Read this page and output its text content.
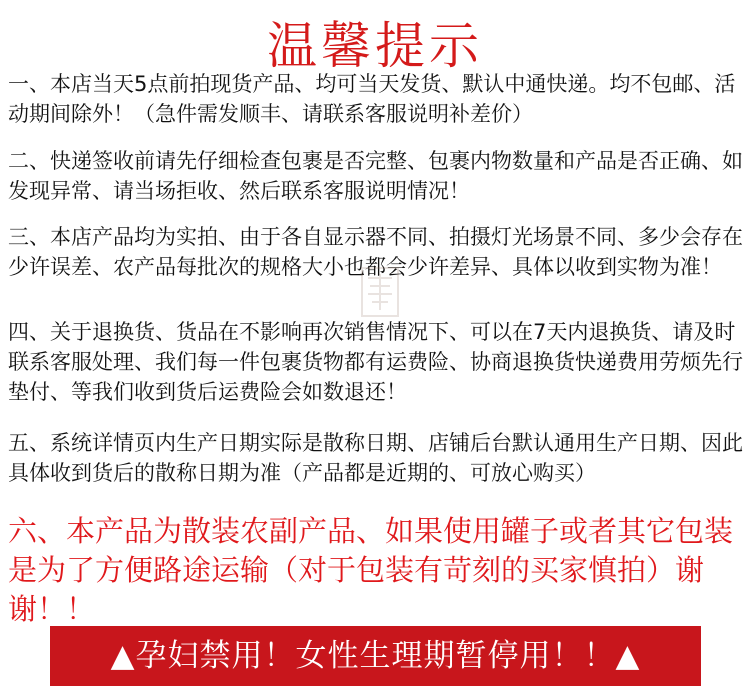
温馨提示

一、本店当天5点前拍现货产品、均可当天发货、默认中通快递。均不包邮、活动期间除外！（急件需发顺丰、请联系客服说明补差价）

二、快递签收前请先仔细检查包裹是否完整、包裹内物数量和产品是否正确、如发现异常、请当场拒收、然后联系客服说明情况！

三、本店产品均为实拍、由于各自显示器不同、拍摄灯光场景不同、多少会存在少许误差、农产品每批次的规格大小也都会少许差异、具体以收到实物为准！

四、关于退换货、货品在不影响再次销售情况下、可以在7天内退换货、请及时联系客服处理、我们每一件包裹货物都有运费险、协商退换货快递费用劳烦先行垫付、等我们收到货后运费险会如数退还！

五、系统详情页内生产日期实际是散称日期、店铺后台默认通用生产日期、因此具体收到货后的散称日期为准（产品都是近期的、可放心购买）

六、本产品为散装农副产品、如果使用罐子或者其它包装是为了方便路途运输（对于包装有苛刻的买家慎拍）谢谢！！

▲孕妇禁用！女性生理期暂停用！！▲
